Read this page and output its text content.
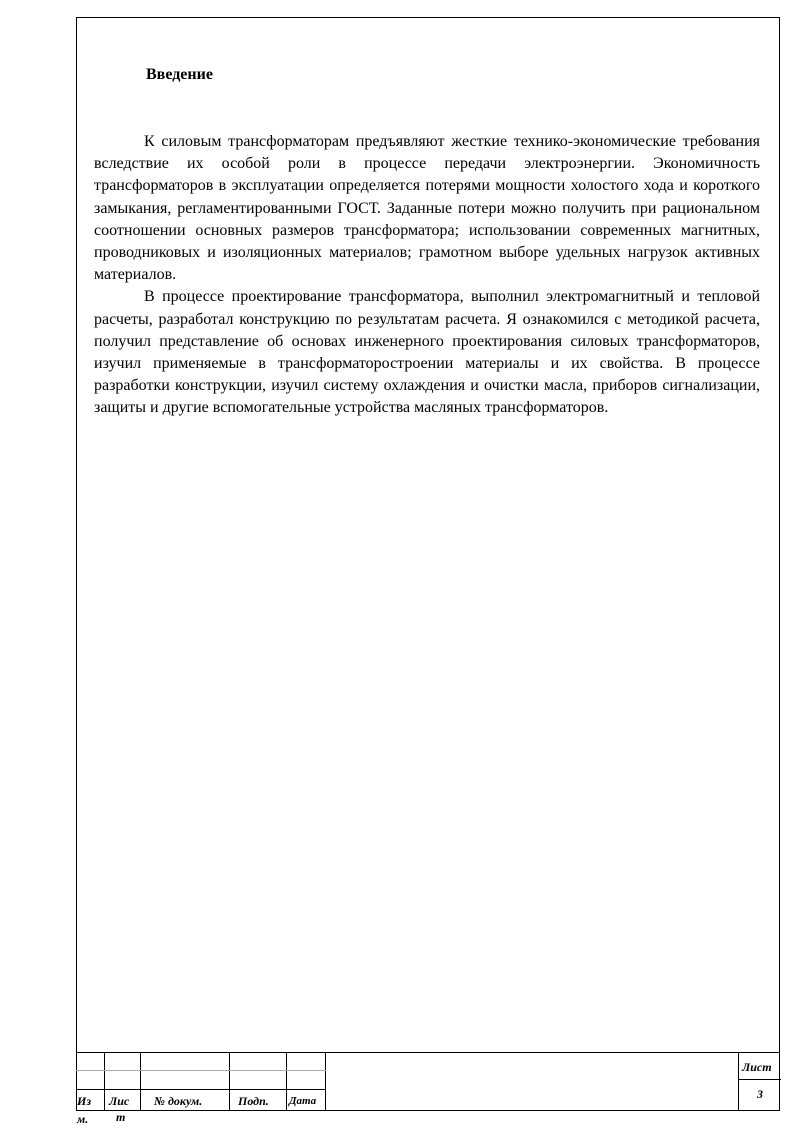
Введение

К силовым трансформаторам предъявляют жесткие технико-экономические требования вследствие их особой роли в процессе передачи электроэнергии. Экономичность трансформаторов в эксплуатации определяется потерями мощности холостого хода и короткого замыкания, регламентированными ГОСТ. Заданные потери можно получить при рациональном соотношении основных размеров трансформатора; использовании современных магнитных, проводниковых и изоляционных материалов; грамотном выборе удельных нагрузок активных материалов.

В процессе проектирование трансформатора, выполнил электромагнитный и тепловой расчеты, разработал конструкцию по результатам расчета. Я ознакомился с методикой расчета, получил представление об основах инженерного проектирования силовых трансформаторов, изучил применяемые в трансформаторостроении материалы и их свойства. В процессе разработки конструкции, изучил систему охлаждения и очистки масла, приборов сигнализации, защиты и другие вспомогательные устройства масляных трансформаторов.

Из Лис № докум.	Подп. Дата
Лист
3
м. т
